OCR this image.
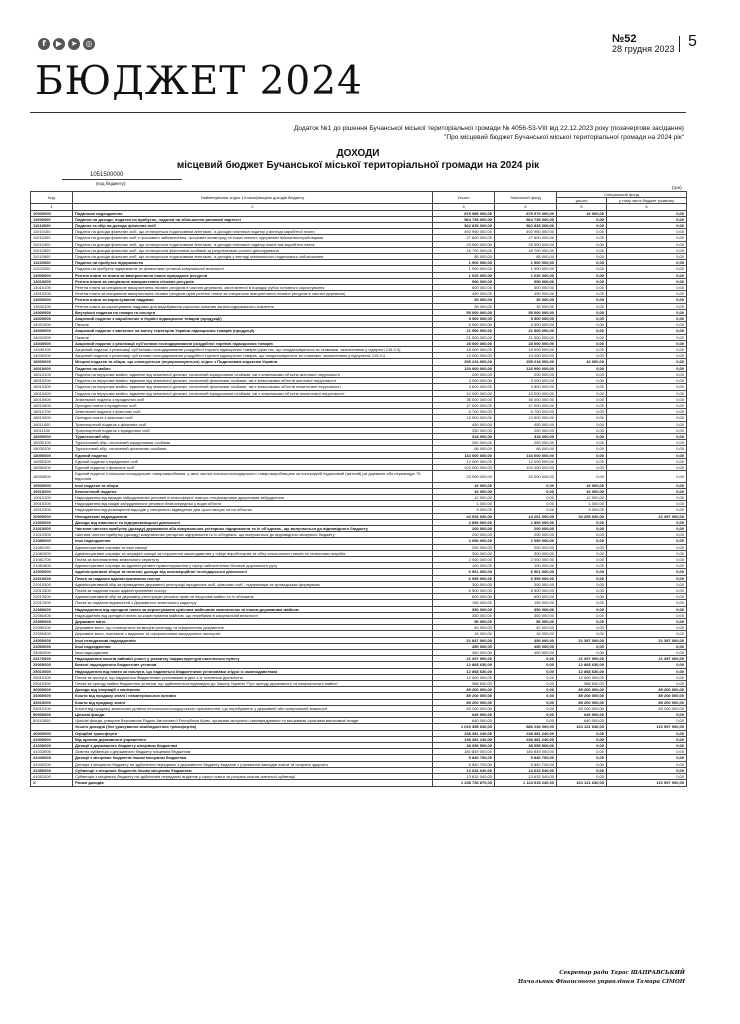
f	▶	➤	◎	№52
28 грудня 2023 5
БЮДЖЕТ 2024
Додаток №1 до рішення Бучанської міської територіальної громади № 4056-53-VIII від 22.12.2023 року (позачергове засідання)
"Про місцевий бюджет Бучанської міської територіальної громади на 2024 рік"
ДОХОДИ
місцевий бюджет Бучанської міської територіальної громади на 2024 рік
1051500000
(код бюджету)
(грн)
Код	Найменування згідно з Класифікацією доходів бюджету	Усього	Загальний фонд	Спеціальний фонд	
				усього	у тому числі бюджет розвитку
1	2	3	4	5	6
10000000	Податкові надходження	875 989 000,00	875 973 000,00	16 000,00	0,00
11000000	Податки на доходи, податки на прибуток, податки на збільшення ринкової вартості	564 735 000,00	564 735 000,00	0,00	0,00
11010000	Податок та збір на доходи фізичних осіб	562 835 000,00	562 835 000,00	0,00	0,00
11010100	Податок на доходи фізичних осіб, що сплачується податковими агентами, із доходів платника податку у вигляді заробітної плати	492 950 000,00	492 950 000,00	0,00	0,00
11010200	Податок на доходи фізичних осіб з грошового забезпечення, грошових винагород та інших виплат, одержаних військовослужбовцями	27 600 000,00	27 600 000,00	0,00	0,00
11010400	Податок на доходи фізичних осіб, що сплачується податковими агентами, із доходів платника податку інших ніж заробітна плата	25 500 000,00	25 500 000,00	0,00	0,00
11010500	Податок на доходи фізичних осіб, що сплачується фізичними особами за результатами річного декларування	16 700 000,00	16 700 000,00	0,00	0,00
11010900	Податок на доходи фізичних осіб, що сплачується податковими агентами, із доходів у вигляді мінімального податкового зобов'язання	85 000,00	85 000,00	0,00	0,00
11020000	Податок на прибуток підприємств	1 900 000,00	1 900 000,00	0,00	0,00
11020200	Податок на прибуток підприємств та фінансових установ комунальної власності	1 900 000,00	1 900 000,00	0,00	0,00
13000000	Рентна плата та плата за використання інших природних ресурсів	1 020 000,00	1 020 000,00	0,00	0,00
13010000	Рентна плата за спеціальне використання лісових ресурсів	990 000,00	990 000,00	0,00	0,00
13010100	Рентна плата за спеціальне використання лісових ресурсів в частині деревини, заготовленої в порядку рубок головного користування	500 000,00	500 000,00	0,00	0,00
13010200	Рентна плата за спеціальне використання лісових ресурсів (крім рентної плати за спеціальне використання лісових ресурсів в частині деревини)	490 000,00	490 000,00	0,00	0,00
13030000	Рентна плата за користування надрами	30 000,00	30 000,00	0,00	0,00
13030100	Рентна плата за користування надрами для видобування корисних копалин загальнодержавного значення	30 000,00	30 000,00	0,00	0,00
14000000	Внутрішні податки на товари та послуги	55 000 000,00	55 000 000,00	0,00	0,00
14020000	Акцизний податок з вироблених в Україні підакцизних товарів (продукції)	5 500 000,00	5 500 000,00	0,00	0,00
14021900	Пальне	5 500 000,00	5 500 000,00	0,00	0,00
14030000	Акцизний податок з ввезених на митну територію України підакцизних товарів (продукції)	21 500 000,00	21 500 000,00	0,00	0,00
14031900	Пальне	21 500 000,00	21 500 000,00	0,00	0,00
14040000	Акцизний податок з реалізації суб'єктами господарювання роздрібної торгівлі підакцизних товарів	28 000 000,00	28 000 000,00	0,00	0,00
14040100	Акцизний податок з реалізації суб'єктами господарювання роздрібної торгівлі підакцизних товарів (крім тих, що оподатковуються за ставками, зазначеними у підпункті 215.3.4)	15 000 000,00	15 000 000,00	0,00	0,00
14040200	Акцизний податок з реалізації суб'єктами господарювання роздрібної торгівлі підакцизних товарів, що оподатковуються за ставками, зазначеними у підпунктах 215.3.4	13 000 000,00	13 000 000,00	0,00	0,00
18000000	Місцеві податки та збори, що сплачуються (перераховуються) згідно з Податковим кодексом України	255 234 000,00	255 218 000,00	16 000,00	0,00
18010000	Податок на майно	120 900 000,00	120 900 000,00	0,00	0,00
18010100	Податок на нерухоме майно, відмінне від земельної ділянки, сплачений юридичними особами, які є власниками об'єктів житлової нерухомості	200 000,00	200 000,00	0,00	0,00
18010200	Податок на нерухоме майно, відмінне від земельної ділянки, сплачений фізичними особами, які є власниками об'єктів житлової нерухомості	3 000 000,00	3 000 000,00	0,00	0,00
18010300	Податок на нерухоме майно, відмінне від земельної ділянки, сплачений фізичними особами, які є власниками об'єктів нежитлової нерухомості	3 800 000,00	3 800 000,00	0,00	0,00
18010400	Податок на нерухоме майно, відмінне від земельної ділянки, сплачений юридичними особами, які є власниками об'єктів нежитлової нерухомості	10 000 000,00	10 000 000,00	0,00	0,00
18010500	Земельний податок з юридичних осіб	36 000 000,00	36 000 000,00	0,00	0,00
18010600	Орендна плата з юридичних осіб	47 000 000,00	47 000 000,00	0,00	0,00
18010700	Земельний податок з фізичних осіб	6 700 000,00	6 700 000,00	0,00	0,00
18010900	Орендна плата з фізичних осіб	13 500 000,00	13 500 000,00	0,00	0,00
18011000	Транспортний податок з фізичних осіб	450 000,00	450 000,00	0,00	0,00
18011100	Транспортний податок з юридичних осіб	250 000,00	250 000,00	0,00	0,00
18030000	Туристичний збір	318 000,00	318 000,00	0,00	0,00
18030100	Туристичний збір, сплачений юридичними особами	250 000,00	250 000,00	0,00	0,00
18030200	Туристичний збір, сплачений фізичними особами	68 000,00	68 000,00	0,00	0,00
18050000	Єдиний податок	134 000 000,00	134 000 000,00	0,00	0,00
18050300	Єдиний податок з юридичних осіб	12 000 000,00	12 000 000,00	0,00	0,00
18050400	Єдиний податок з фізичних осіб	102 000 000,00	102 000 000,00	0,00	0,00
18050500	Єдиний податок з сільськогосподарських товаровиробників, у яких частка сільськогосподарського товаровиробництва за попередній податковий (звітний) рік дорівнює або перевищує 75 відсотків	20 000 000,00	20 000 000,00	0,00	0,00
19000000	Інші податки та збори	16 000,00	0,00	16 000,00	0,00
19010000	Екологічний податок	16 000,00	0,00	16 000,00	0,00
19010100	Надходження від викидів забруднюючих речовин в атмосферне повітря стаціонарними джерелами забруднення	12 000,00	0,00	12 000,00	0,00
19010200	Надходження від скидів забруднюючих речовин безпосередньо у водні об'єкти	1 000,00	0,00	1 000,00	0,00
19010300	Надходження від розміщення відходів у спеціально відведених для цього місцях чи на об'єктах	3 000,00	0,00	3 000,00	0,00
20000000	Неподаткові надходження	44 526 630,00	10 261 000,00	34 265 630,00	21 397 000,00
21000000	Доходи від власності та підприємницької діяльності	2 850 000,00	2 850 000,00	0,00	0,00
21010000	Частина чистого прибутку (доходу) державних або комунальних унітарних підприємств та їх об'єднань, що вилучається до відповідного бюджету	200 000,00	200 000,00	0,00	0,00
21010300	Частина чистого прибутку (доходу) комунальних унітарних підприємств та їх об'єднань, що вилучається до відповідного місцевого бюджету	200 000,00	200 000,00	0,00	0,00
21080000	Інші надходження	2 650 000,00	2 650 000,00	0,00	0,00
21081100	Адміністративні штрафи та інші санкції	250 000,00	250 000,00	0,00	0,00
21081500	Адміністративні штрафи та штрафні санкції за порушення законодавства у сфері виробництва та обігу алкогольних напоїв та тютюнових виробів	300 000,00	300 000,00	0,00	0,00
21081700	Плата за встановлення земельного сервітуту	2 000 000,00	2 000 000,00	0,00	0,00
21081800	Адміністративні штрафи за адміністративні правопорушення у сфері забезпечення безпеки дорожнього руху	100 000,00	100 000,00	0,00	0,00
22000000	Адміністративні збори та платежі, доходи від некомерційної господарської діяльності	6 961 000,00	6 961 000,00	0,00	0,00
22010000	Плата за надання адміністративних послуг	6 555 000,00	6 555 000,00	0,00	0,00
22010300	Адміністративний збір за проведення державної реєстрації юридичних осіб, фізичних осіб - підприємців та громадських формувань	300 000,00	300 000,00	0,00	0,00
22012500	Плата за надання інших адміністративних послуг	5 500 000,00	5 500 000,00	0,00	0,00
22012600	Адміністративний збір за державну реєстрацію речових прав на нерухоме майно та їх обтяжень	600 000,00	600 000,00	0,00	0,00
22012900	Плата за надання відомостей з Державного земельного кадастру	155 000,00	155 000,00	0,00	0,00
22080000	Надходження від орендної плати за користування цілісним майновим комплексом та іншим державним майном	350 000,00	350 000,00	0,00	0,00
22080400	Надходження від орендної плати за користування майном, що перебуває в комунальній власності	350 000,00	350 000,00	0,00	0,00
22090000	Державне мито	56 000,00	56 000,00	0,00	0,00
22090100	Державне мито, що сплачується за місцем розгляду та оформлення документів	40 000,00	40 000,00	0,00	0,00
22090400	Державне мито, пов'язане з видачею та оформленням закордонних паспортів	16 000,00	16 000,00	0,00	0,00
24000000	Інші неподаткові надходження	21 847 000,00	450 000,00	21 397 000,00	21 397 000,00
24060000	Інші надходження	450 000,00	450 000,00	0,00	0,00
24060300	Інші надходження	450 000,00	450 000,00	0,00	0,00
24170000	Надходження коштів пайової участі у розвитку інфраструктури населеного пункту	21 397 000,00	0,00	21 397 000,00	21 397 000,00
25000000	Власні надходження бюджетних установ	12 868 630,00	0,00	12 868 630,00	0,00
25010000	Надходження від плати за послуги, що надаються бюджетними установами згідно із законодавством	12 868 630,00	0,00	12 868 630,00	0,00
25010100	Плата за послуги, що надаються бюджетними установами згідно з їх основною діяльністю	12 500 000,00	0,00	12 500 000,00	0,00
25010300	Плата за оренду майна бюджетних установ, що здійснюється відповідно до Закону України "Про оренду державного та комунального майна"	368 630,00	0,00	368 630,00	0,00
30000000	Доходи від операцій з капіталом	89 200 000,00	0,00	89 200 000,00	89 200 000,00
33000000	Кошти від продажу землі і нематеріальних активів	89 200 000,00	0,00	89 200 000,00	89 200 000,00
33010000	Кошти від продажу землі	89 200 000,00	0,00	89 200 000,00	89 200 000,00
33010100	Кошти від продажу земельних ділянок несільськогосподарського призначення, що перебувають у державній або комунальній власності	89 200 000,00	0,00	89 200 000,00	89 200 000,00
50000000	Цільові фонди	640 000,00	0,00	640 000,00	0,00
50110000	Цільові фонди, утворені Верховною Радою Автономної Республіки Крим, органами місцевого самоврядування та місцевими органами виконавчої влади	640 000,00	0,00	640 000,00	0,00
	Усього доходів (без урахування міжбюджетних трансфертів)	1 010 355 630,00	886 234 000,00	124 121 630,00	110 597 000,00
40000000	Офіційні трансферти	238 381 240,00	238 381 240,00	0,00	0,00
41000000	Від органів державного управління	238 381 240,00	238 381 240,00	0,00	0,00
41030000	Дотації з державного бюджету місцевим бюджетам	38 059 500,00	38 059 500,00	0,00	0,00
41033900	Освітня субвенція з державного бюджету місцевим бюджетам	180 849 000,00	180 849 000,00	0,00	0,00
41040000	Дотації з місцевих бюджетів іншим місцевим бюджетам	5 840 700,00	5 840 700,00	0,00	0,00
41040200	Дотація з місцевого бюджету на здійснення переданих з державного бюджету видатків з утримання закладів освіти та охорони здоров'я	5 840 700,00	5 840 700,00	0,00	0,00
41050000	Субвенції з місцевих бюджетів іншим місцевим бюджетам	13 632 040,00	13 632 040,00	0,00	0,00
41051000	Субвенція з місцевого бюджету на здійснення переданих видатків у сфері освіти за рахунок коштів освітньої субвенції	13 632 040,00	13 632 040,00	0,00	0,00
X	Разом доходів	1 248 736 870,00	1 124 615 240,00	124 121 630,00	110 597 000,00
Секретар ради Тарас ШАПРАВСЬКИЙ
Начальник Фінансового управління Тамара СІМОН
